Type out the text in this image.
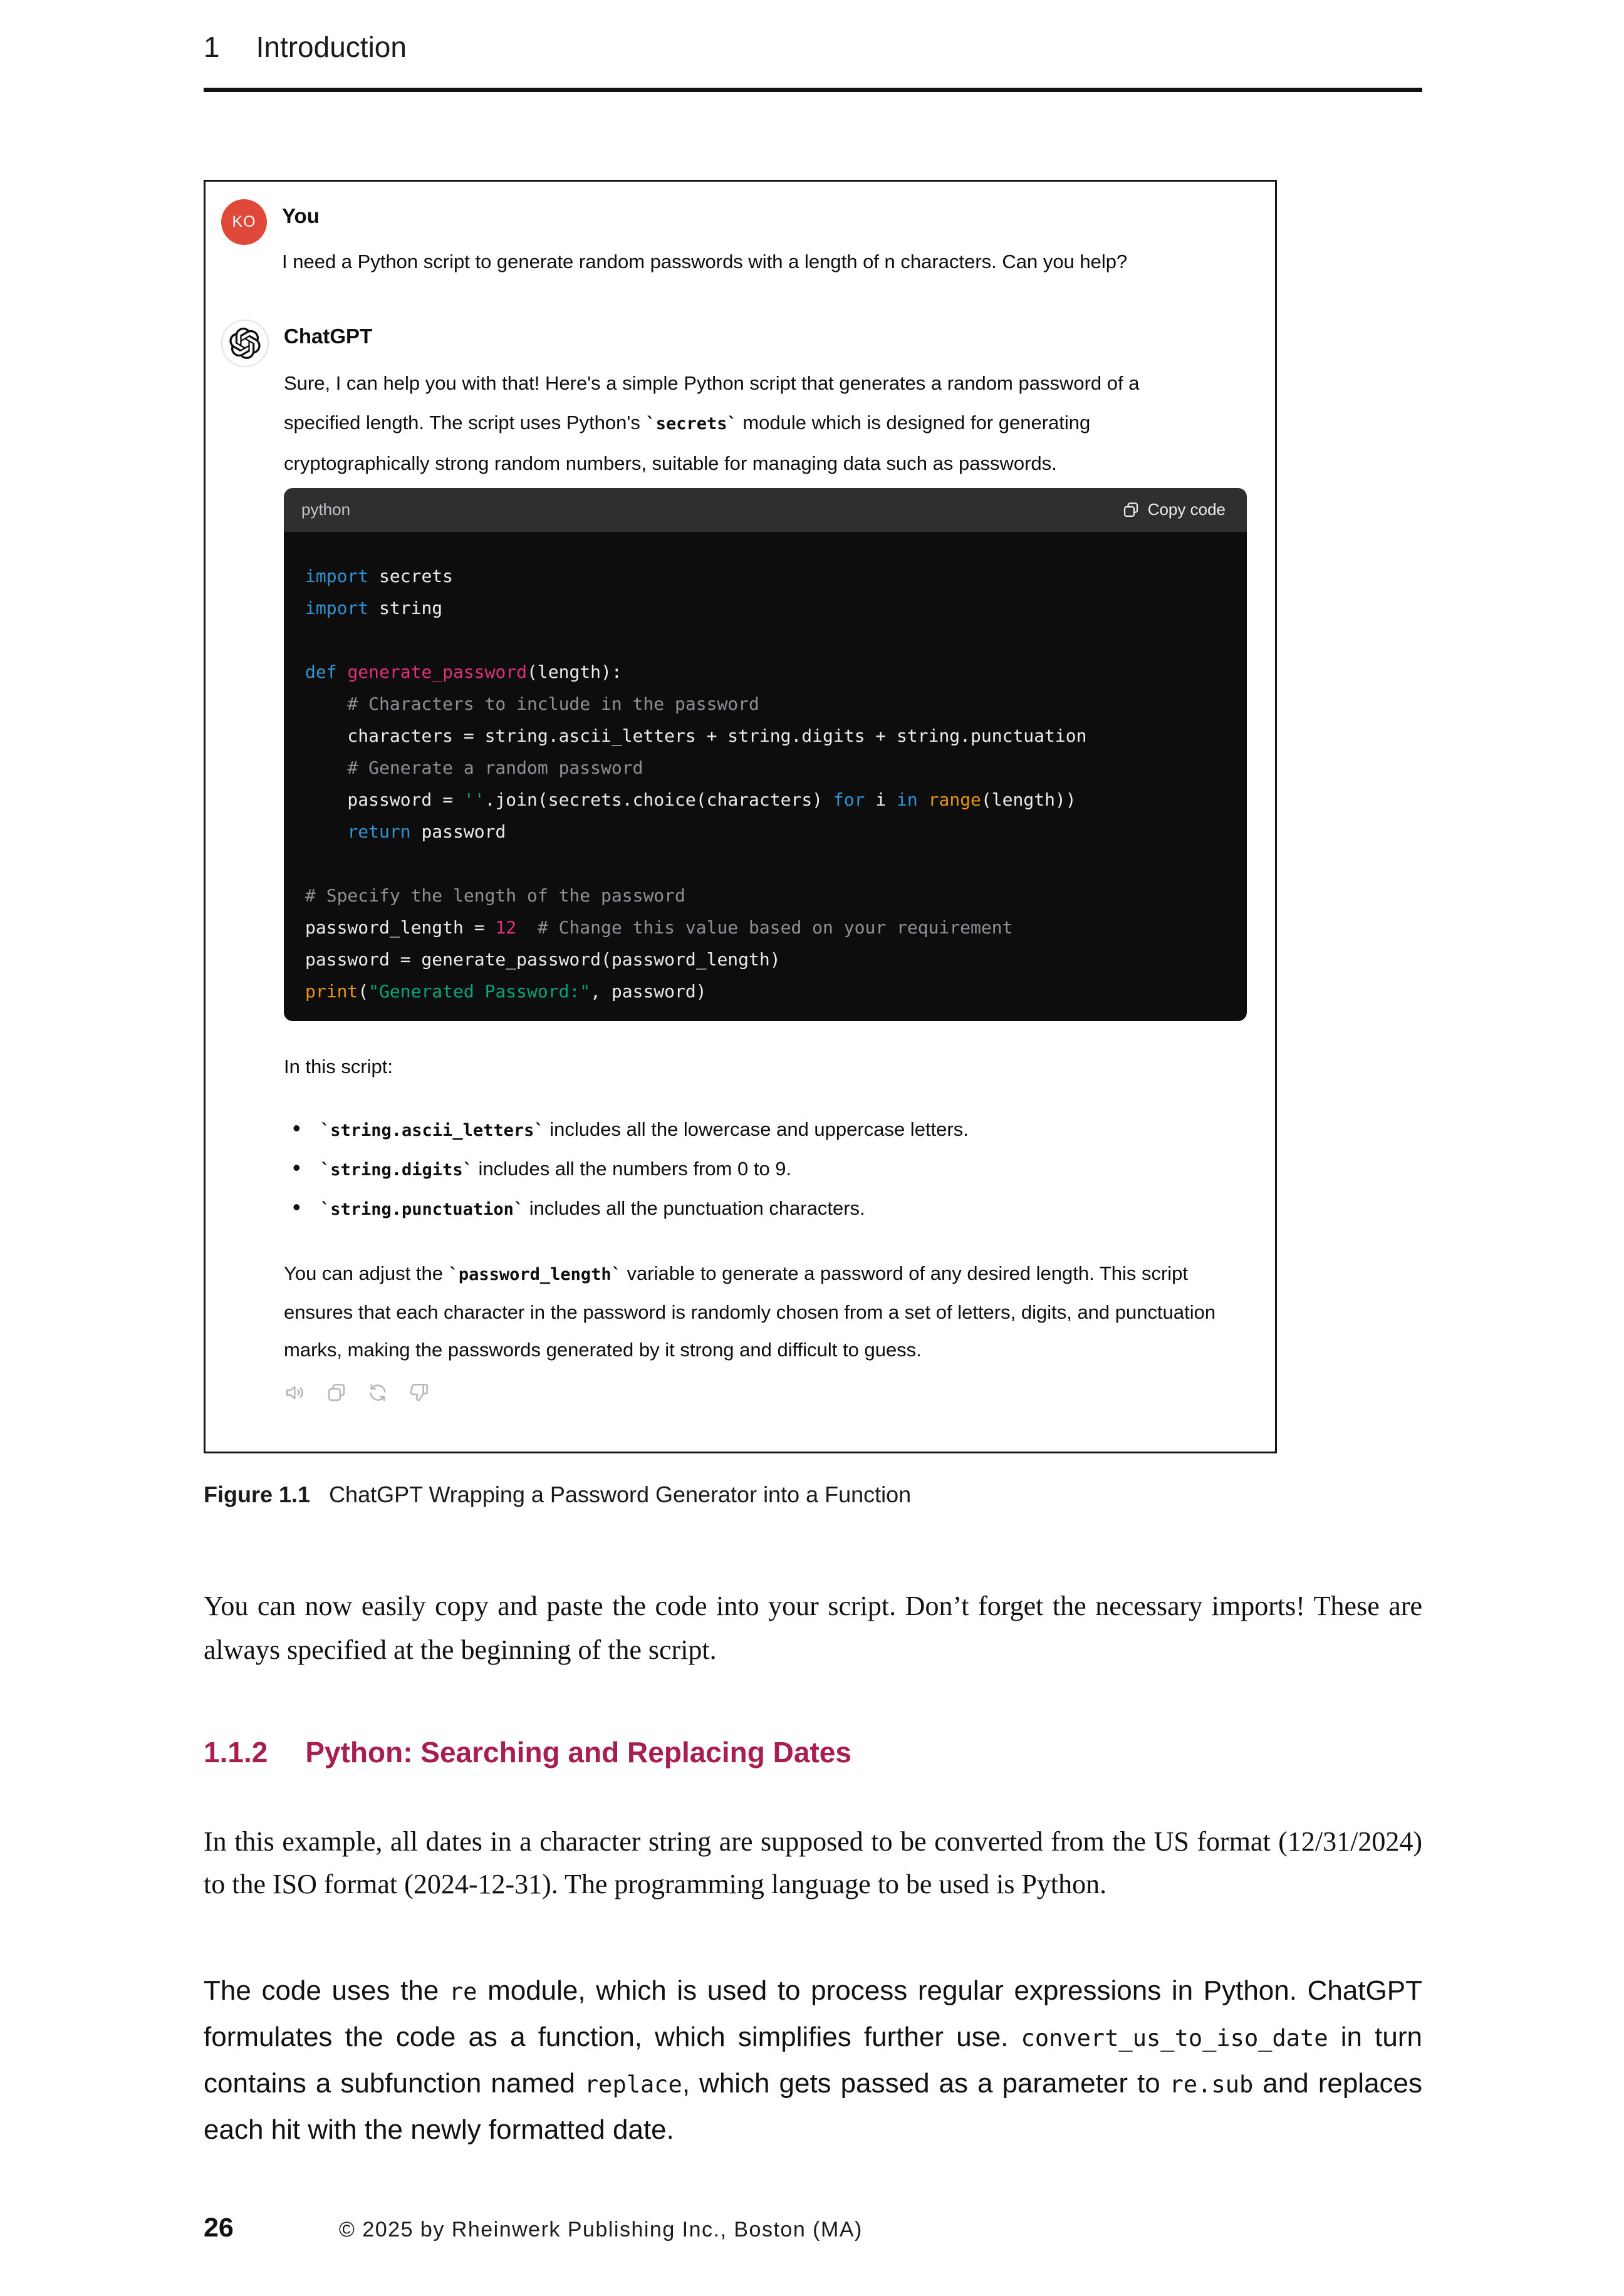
1 Introduction
KO	You
I need a Python script to generate random passwords with a length of n characters. Can you help?
ChatGPT
Sure, I can help you with that! Here's a simple Python script that generates a random password of a specified length. The script uses Python's `secrets` module which is designed for generating cryptographically strong random numbers, suitable for managing data such as passwords.
python	Copy code
import secrets
import string

def generate_password(length):
# Characters to include in the password
characters = string.ascii_letters + string.digits + string.punctuation
# Generate a random password
password = ''.join(secrets.choice(characters) for i in range(length))
return password

# Specify the length of the password
password_length = 12 # Change this value based on your requirement
password = generate_password(password_length)
print("Generated Password:", password)
In this script:
• `string.ascii_letters` includes all the lowercase and uppercase letters.
• `string.digits` includes all the numbers from 0 to 9.
• `string.punctuation` includes all the punctuation characters.
You can adjust the `password_length` variable to generate a password of any desired length. This script ensures that each character in the password is randomly chosen from a set of letters, digits, and punctuation marks, making the passwords generated by it strong and difficult to guess.
Figure 1.1 ChatGPT Wrapping a Password Generator into a Function

You can now easily copy and paste the code into your script. Don’t forget the necessary imports! These are always specified at the beginning of the script.

1.1.2 Python: Searching and Replacing Dates

In this example, all dates in a character string are supposed to be converted from the US format (12/31/2024) to the ISO format (2024-12-31). The programming language to be used is Python.

The code uses the re module, which is used to process regular expressions in Python. ChatGPT formulates the code as a function, which simplifies further use. convert_us_to_iso_date in turn contains a subfunction named replace, which gets passed as a parameter to re.sub and replaces each hit with the newly formatted date.

26	© 2025 by Rheinwerk Publishing Inc., Boston (MA)
